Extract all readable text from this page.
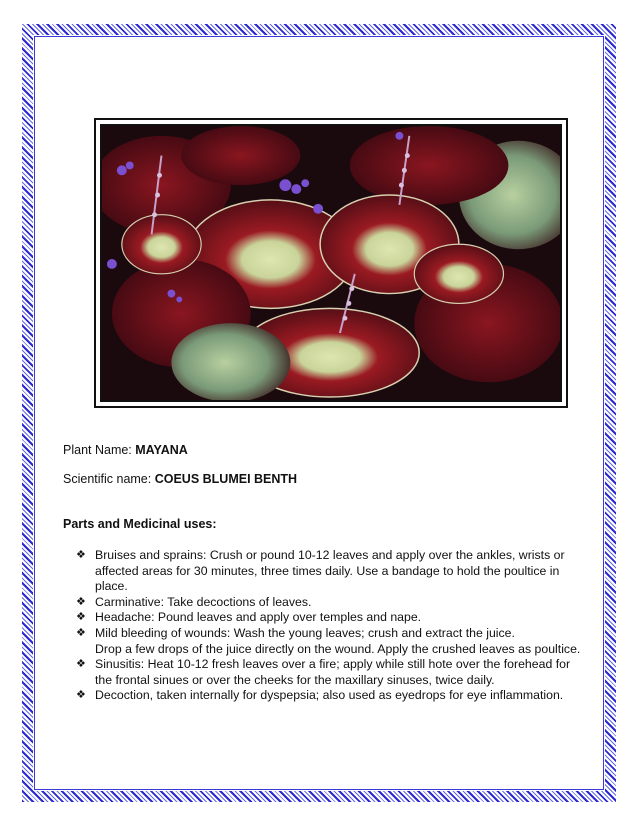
Plant Name: MAYANA
Scientific name: COEUS BLUMEI BENTH
Parts and Medicinal uses:
❖ Bruises and sprains: Crush or pound 10-12 leaves and apply over the ankles, wrists or affected areas for 30 minutes, three times daily. Use a bandage to hold the poultice in place.
❖ Carminative: Take decoctions of leaves.
❖ Headache: Pound leaves and apply over temples and nape.
❖ Mild bleeding of wounds: Wash the young leaves; crush and extract the juice.
Drop a few drops of the juice directly on the wound. Apply the crushed leaves as poultice.
❖ Sinusitis: Heat 10-12 fresh leaves over a fire; apply while still hote over the forehead for the frontal sinues or over the cheeks for the maxillary sinuses, twice daily.
❖ Decoction, taken internally for dyspepsia; also used as eyedrops for eye inflammation.
